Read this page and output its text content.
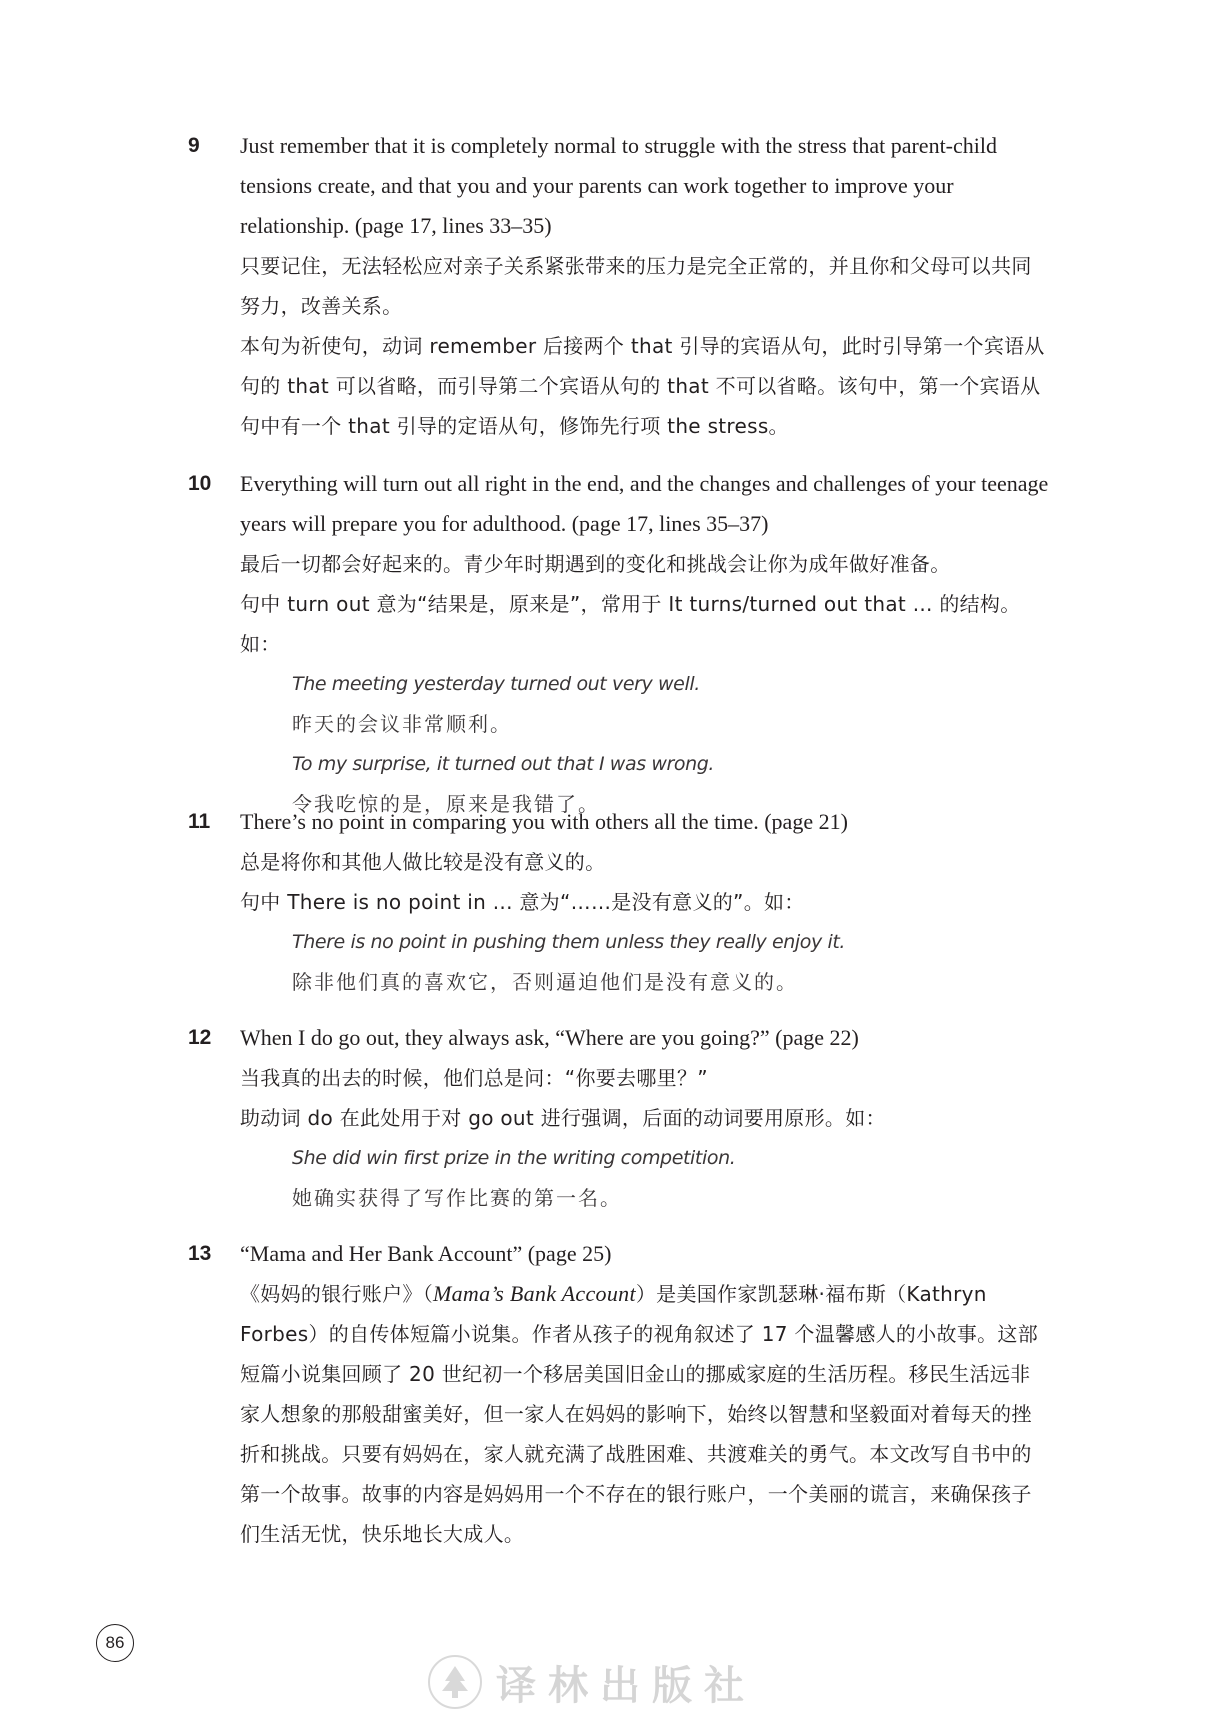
9 Just remember that it is completely normal to struggle with the stress that parent-child tensions create, and that you and your parents can work together to improve your relationship. (page 17, lines 33–35)

只要记住，无法轻松应对亲子关系紧张带来的压力是完全正常的，并且你和父母可以共同努力，改善关系。

本句为祈使句，动词 remember 后接两个 that 引导的宾语从句，此时引导第一个宾语从句的 that 可以省略，而引导第二个宾语从句的 that 不可以省略。该句中，第一个宾语从句中有一个 that 引导的定语从句，修饰先行项 the stress。

10 Everything will turn out all right in the end, and the changes and challenges of your teenage years will prepare you for adulthood. (page 17, lines 35–37)

最后一切都会好起来的。青少年时期遇到的变化和挑战会让你为成年做好准备。

句中 turn out 意为“结果是，原来是”，常用于 It turns/turned out that ... 的结构。如：

The meeting yesterday turned out very well.

昨天的会议非常顺利。

To my surprise, it turned out that I was wrong.

令我吃惊的是，原来是我错了。

11 There’s no point in comparing you with others all the time. (page 21)

总是将你和其他人做比较是没有意义的。

句中 There is no point in ... 意为“……是没有意义的”。如：

There is no point in pushing them unless they really enjoy it.

除非他们真的喜欢它，否则逼迫他们是没有意义的。

12 When I do go out, they always ask, “Where are you going?” (page 22)

当我真的出去的时候，他们总是问：“你要去哪里？”

助动词 do 在此处用于对 go out 进行强调，后面的动词要用原形。如：

She did win first prize in the writing competition.

她确实获得了写作比赛的第一名。

13 “Mama and Her Bank Account” (page 25)

《妈妈的银行账户》（Mama’s Bank Account）是美国作家凯瑟琳·福布斯（Kathryn Forbes）的自传体短篇小说集。作者从孩子的视角叙述了 17 个温馨感人的小故事。这部短篇小说集回顾了 20 世纪初一个移居美国旧金山的挪威家庭的生活历程。移民生活远非家人想象的那般甜蜜美好，但一家人在妈妈的影响下，始终以智慧和坚毅面对着每天的挫折和挑战。只要有妈妈在，家人就充满了战胜困难、共渡难关的勇气。本文改写自书中的第一个故事。故事的内容是妈妈用一个不存在的银行账户，一个美丽的谎言，来确保孩子们生活无忧，快乐地长大成人。

86
译林出版社
